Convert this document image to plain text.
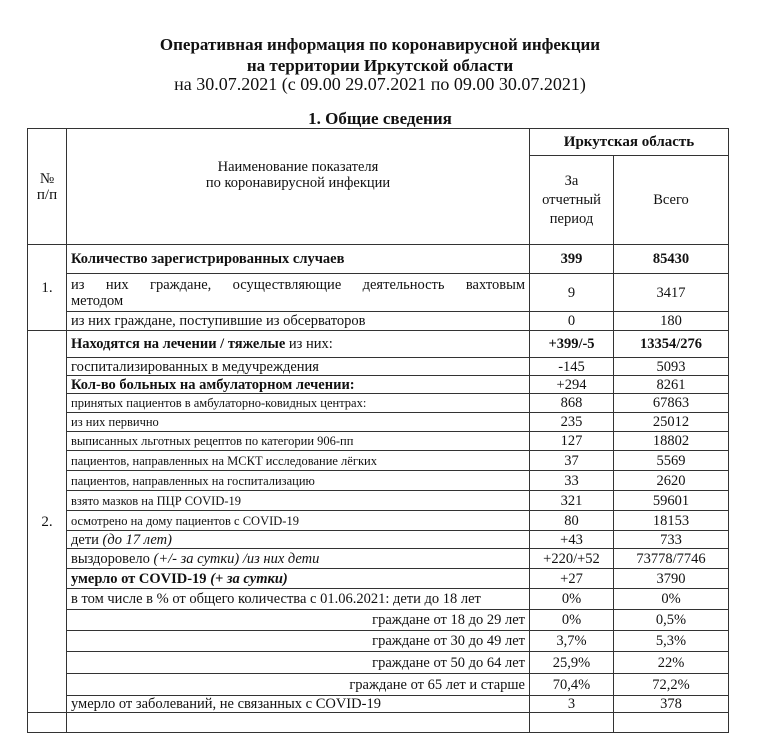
Оперативная информация по коронавирусной инфекции
на территории Иркутской области
на 30.07.2021 (с 09.00 29.07.2021 по 09.00 30.07.2021)
1. Общие сведения
№
п/п

Наименование показателя
по коронавирусной инфекции
	Иркутская область

		За
отчетный
период	Всего
1.	Количество зарегистрированных случаев	399	85430
	из них граждане, осуществляющие деятельность вахтовым методом	9	3417
	из них граждане, поступившие из обсерваторов	0	180
2.	Находятся на лечении / тяжелые из них:	+399/-5	13354/276
	госпитализированных в медучреждения	-145	5093
	Кол-во больных на амбулаторном лечении:	+294	8261
	принятых пациентов в амбулаторно-ковидных центрах:	868	67863
	из них первично	235	25012
	выписанных льготных рецептов по категории 906-пп	127	18802
	пациентов, направленных на МСКТ исследование лёгких	37	5569
	пациентов, направленных на госпитализацию	33	2620
	взято мазков на ПЦР COVID-19	321	59601
	осмотрено на дому пациентов с COVID-19	80	18153
	дети (до 17 лет)	+43	733
	выздоровело (+/- за сутки) /из них дети	+220/+52	73778/7746
	умерло от COVID-19 (+ за сутки)	+27	3790
	в том числе в % от общего количества с 01.06.2021: дети до 18 лет	0%	0%
	граждане от 18 до 29 лет	0%	0,5%
	граждане от 30 до 49 лет	3,7%	5,3%
	граждане от 50 до 64 лет	25,9%	22%
	граждане от 65 лет и старше	70,4%	72,2%
	умерло от заболеваний, не связанных с COVID-19	3	378
